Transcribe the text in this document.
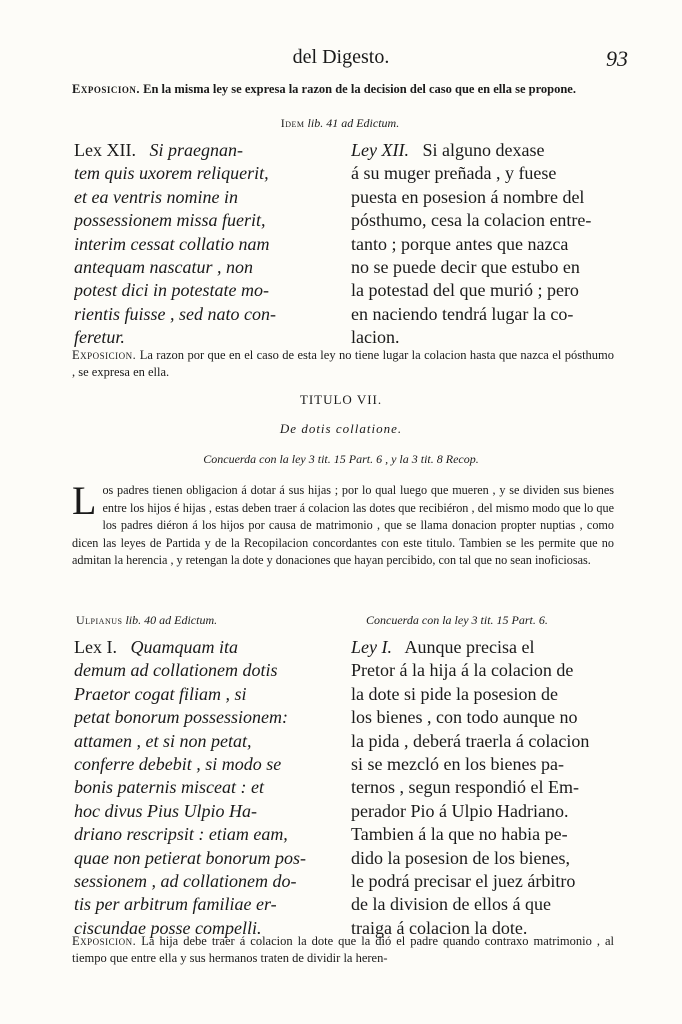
del Digesto.	93
Exposicion. En la misma ley se expresa la razon de la decision del caso que en ella se propone.
Idem lib. 41 ad Edictum.
Lex XII. Si praegnan-
tem quis uxorem reliquerit,
et ea ventris nomine in
possessionem missa fuerit,
interim cessat collatio nam
antequam nascatur , non
potest dici in potestate mo-
rientis fuisse , sed nato con-
feretur.
Ley XII. Si alguno dexase
á su muger preñada , y fuese
puesta en posesion á nombre del
pósthumo, cesa la colacion entre-
tanto ; porque antes que nazca
no se puede decir que estubo en
la potestad del que murió ; pero
en naciendo tendrá lugar la co-
lacion.
Exposicion. La razon por que en el caso de esta ley no tiene lugar la colacion hasta que nazca el pósthumo , se expresa en ella.
TITULO VII.
De dotis collatione.
Concuerda con la ley 3 tit. 15 Part. 6 , y la 3 tit. 8 Recop.
Los padres tienen obligacion á dotar á sus hijas ; por lo qual luego que mueren , y se dividen sus bienes entre los hijos é hijas , estas deben traer á colacion las dotes que recibiéron , del mismo modo que lo que los padres diéron á los hijos por causa de matrimonio , que se llama donacion propter nuptias , como dicen las leyes de Partida y de la Recopilacion concordantes con este titulo. Tambien se les permite que no admitan la herencia , y retengan la dote y donaciones que hayan percibido, con tal que no sean inoficiosas.
Ulpianus lib. 40 ad Edictum.	Concuerda con la ley 3 tit. 15 Part. 6.
Lex I. Quamquam ita
demum ad collationem dotis
Praetor cogat filiam , si
petat bonorum possessionem:
attamen , et si non petat,
conferre debebit , si modo se
bonis paternis misceat : et
hoc divus Pius Ulpio Ha-
driano rescripsit : etiam eam,
quae non petierat bonorum pos-
sessionem , ad collationem do-
tis per arbitrum familiae er-
ciscundae posse compelli.
Ley I. Aunque precisa el
Pretor á la hija á la colacion de
la dote si pide la posesion de
los bienes , con todo aunque no
la pida , deberá traerla á colacion
si se mezcló en los bienes pa-
ternos , segun respondió el Em-
perador Pio á Ulpio Hadriano.
Tambien á la que no habia pe-
dido la posesion de los bienes,
le podrá precisar el juez árbitro
de la division de ellos á que
traiga á colacion la dote.
Exposicion. La hija debe traer á colacion la dote que la dió el padre quando contraxo matrimonio , al tiempo que entre ella y sus hermanos traten de dividir la heren-
